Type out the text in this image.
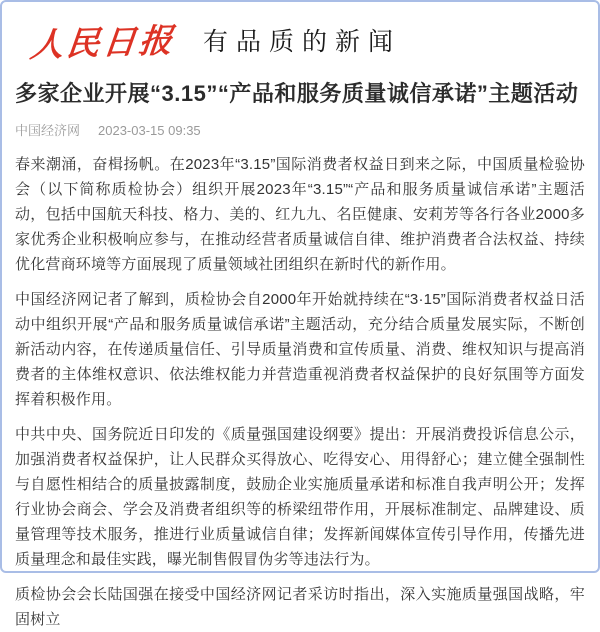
人民日报 有品质的新闻
多家企业开展“3.15”“产品和服务质量诚信承诺”主题活动
中国经济网 2023-03-15 09:35

春来潮涌，奋楫扬帆。在2023年“3.15”国际消费者权益日到来之际，中国质量检验协会（以下简称质检协会）组织开展2023年“3.15”“产品和服务质量诚信承诺”主题活动，包括中国航天科技、格力、美的、红九九、名臣健康、安莉芳等各行各业2000多家优秀企业积极响应参与，在推动经营者质量诚信自律、维护消费者合法权益、持续优化营商环境等方面展现了质量领域社团组织在新时代的新作用。

中国经济网记者了解到，质检协会自2000年开始就持续在“3·15”国际消费者权益日活动中组织开展“产品和服务质量诚信承诺”主题活动，充分结合质量发展实际，不断创新活动内容，在传递质量信任、引导质量消费和宣传质量、消费、维权知识与提高消费者的主体维权意识、依法维权能力并营造重视消费者权益保护的良好氛围等方面发挥着积极作用。

中共中央、国务院近日印发的《质量强国建设纲要》提出：开展消费投诉信息公示，加强消费者权益保护，让人民群众买得放心、吃得安心、用得舒心；建立健全强制性与自愿性相结合的质量披露制度，鼓励企业实施质量承诺和标准自我声明公开；发挥行业协会商会、学会及消费者组织等的桥梁纽带作用，开展标准制定、品牌建设、质量管理等技术服务，推进行业质量诚信自律；发挥新闻媒体宣传引导作用，传播先进质量理念和最佳实践，曝光制售假冒伪劣等违法行为。

质检协会会长陆国强在接受中国经济网记者采访时指出，深入实施质量强国战略，牢固树立
